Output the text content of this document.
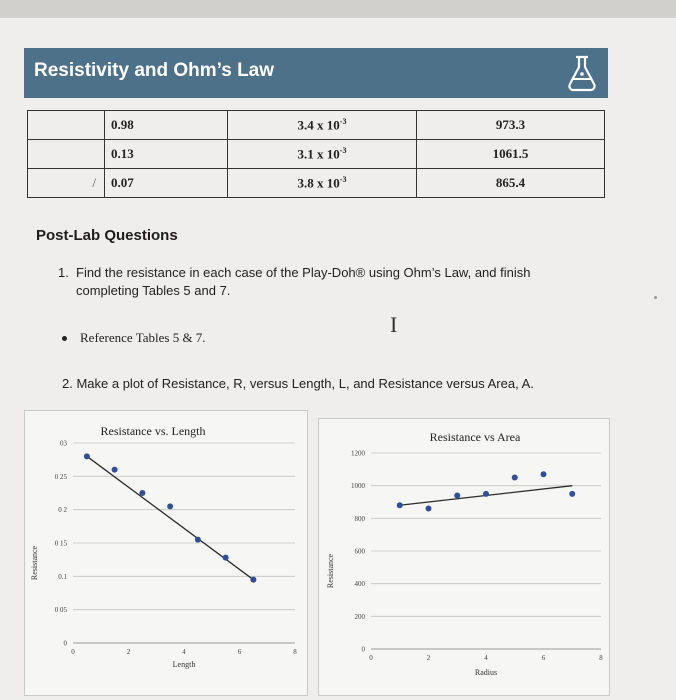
Resistivity and Ohm’s Law
	0.98	3.4 x $10^{-3}$	973.3
	0.13	3.1 x $10^{-3}$	1061.5
/	0.07	3.8 x $10^{-3}$	865.4
Post-Lab Questions
1. Find the resistance in each case of the Play-Doh® using Ohm’s Law, and finish completing Tables 5 and 7.
Reference Tables 5 & 7.
I
2. Make a plot of Resistance, R, versus Length, L, and Resistance versus Area, A.
0
0 05
0.1
0 15
0 2
0 25
03
0	2	4	6	8
Resistance vs. Length
Length
Resistance
0
200
400
600
800
1000
1200
0	2	4	6	8
Resistance vs Area
Radius
Resistance
